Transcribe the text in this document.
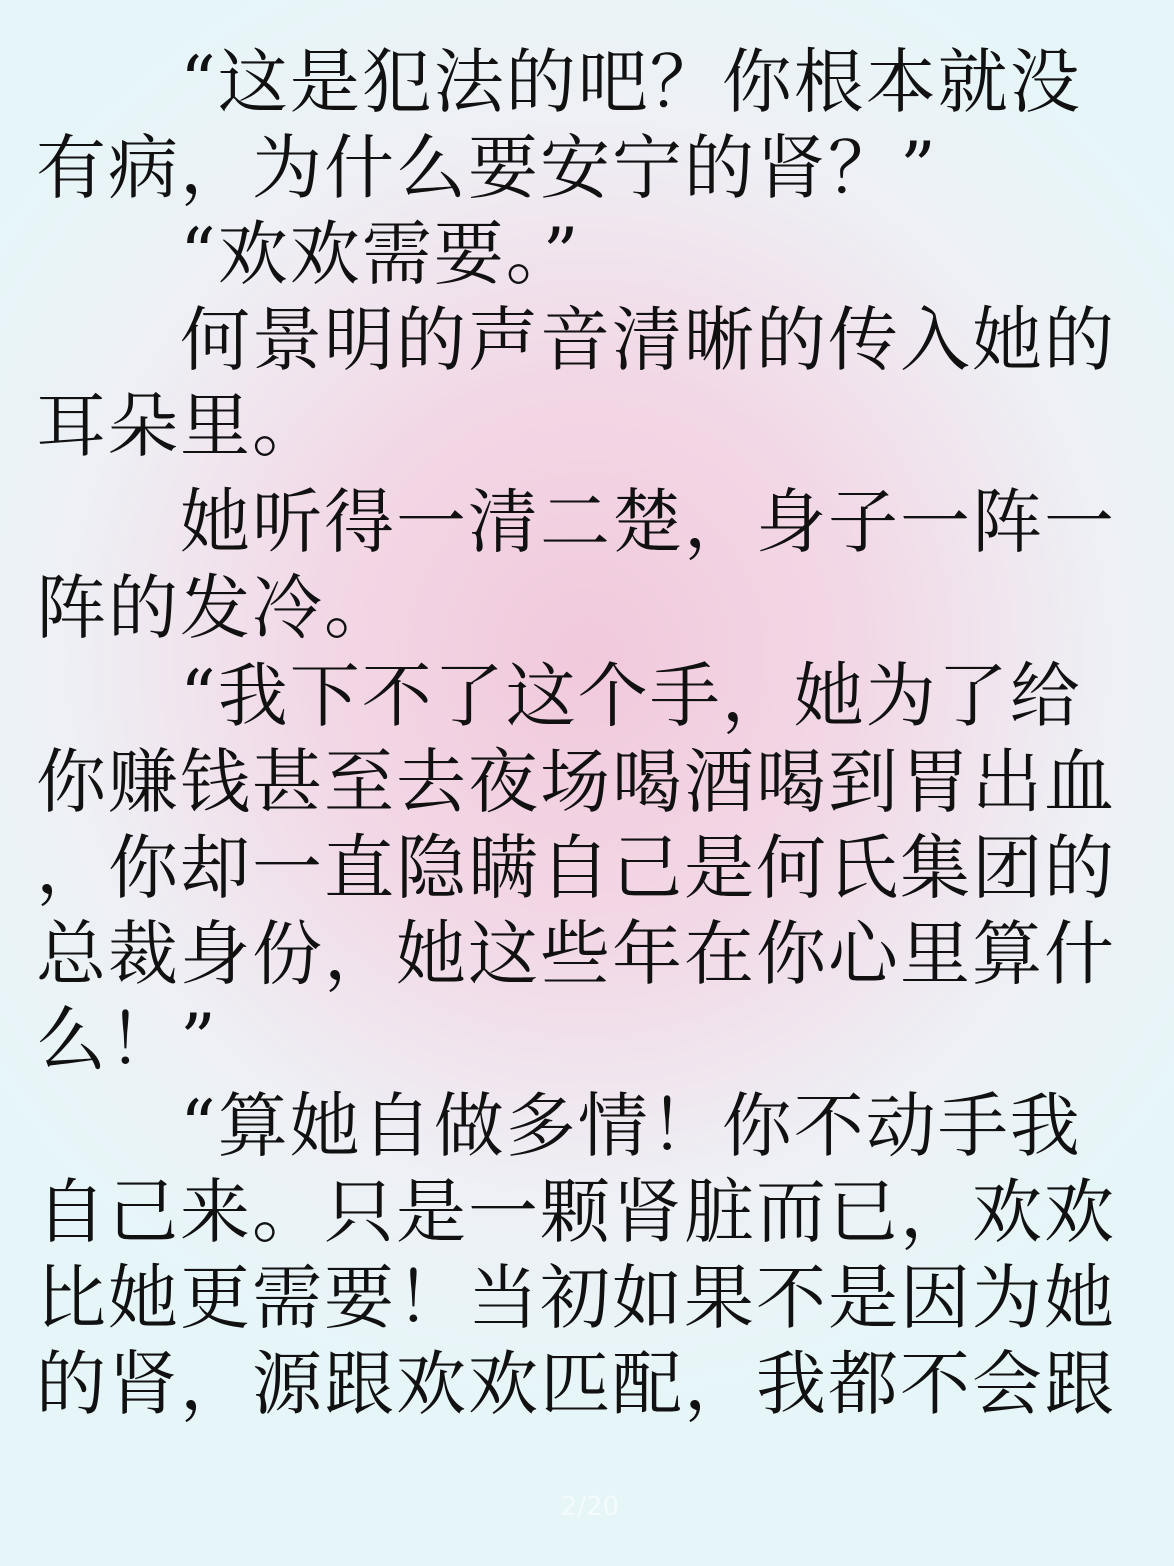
　　“这是犯法的吧？你根本就没
有病，为什么要安宁的肾？”
　　“欢欢需要。”
　　何景明的声音清晰的传入她的
耳朵里。
　　她听得一清二楚，身子一阵一
阵的发冷。
　　“我下不了这个手，她为了给
你赚钱甚至去夜场喝酒喝到胃出血
，你却一直隐瞒自己是何氏集团的
总裁身份，她这些年在你心里算什
么！”
　　“算她自做多情！你不动手我
自己来。只是一颗肾脏而已，欢欢
比她更需要！当初如果不是因为她
的肾，源跟欢欢匹配，我都不会跟
2/20
